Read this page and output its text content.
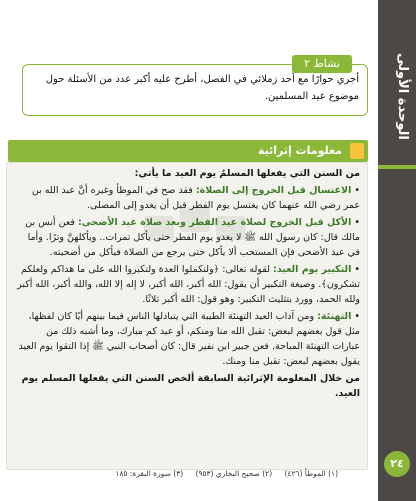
الوحدة الأولى
٢٤
أجري حوارًا مع أحد زملائي في الفصل، أطرح عليه أكبر عدد من الأسئلة حول موضوع عيد المسلمين.
نشاط ٢
معلومات إثرائية

من السنن التي يفعلها المسلمُ يوم العيد ما يأتي:

• الاغتسال قبل الخروج إلى الصلاة: فقد صح في الموطأ وغيره أنَّ عبد الله بن عمر رضي الله عنهما كان يغتسل يوم الفطر قبل أن يغدو إلى المصلى.

• الأكل قبل الخروج لصلاة عيد الفطر وبعد صلاة عيد الأضحى: فعن أنس بن مالك قال: كان رسول الله ﷺ لا يغدو يوم الفطر حتى يأكل تمرات.. ويأكلهنَّ وترًا. وأما في عيد الأضحى فإن المستحب ألا يأكل حتى يرجع من الصلاة فيأكل من أضحيته.

• التكبير يوم العيد: لقوله تعالى: ﴿ولتكملوا العدة ولتكبروا الله على ما هداكم ولعلكم تشكرون﴾. وصيغة التكبير أن يقول: الله أكبر، الله أكبر، لا إله إلا الله، والله أكبر، الله أكبر ولله الحمد، وورد بتثليث التكبير: وهو قول: الله أكبر ثلاثًا.

• التهنئة: ومن آداب العيد التهنئة الطيبة التي يتبادلها الناس فيما بينهم أيًا كان لفظها، مثل قول بعضهم لبعض: تقبل الله منا ومنكم، أو عيد كم مبارك، وما أشبه ذلك من عبارات التهنئة المباحة. فعن جبير ابن نفير قال: كان أصحاب النبي ﷺ إذا التقوا يوم العيد يقول بعضهم لبعض: تقبل منا ومنك.

من خلال المعلومة الإثرائية السابقة ألخص السنن التي يفعلها المسلم يوم العيد.

(١) الموطأ (٤٢٦) (٢) صحيح البخاري (٩٥٣) (٣) سورة البقرة: ١٨٥
